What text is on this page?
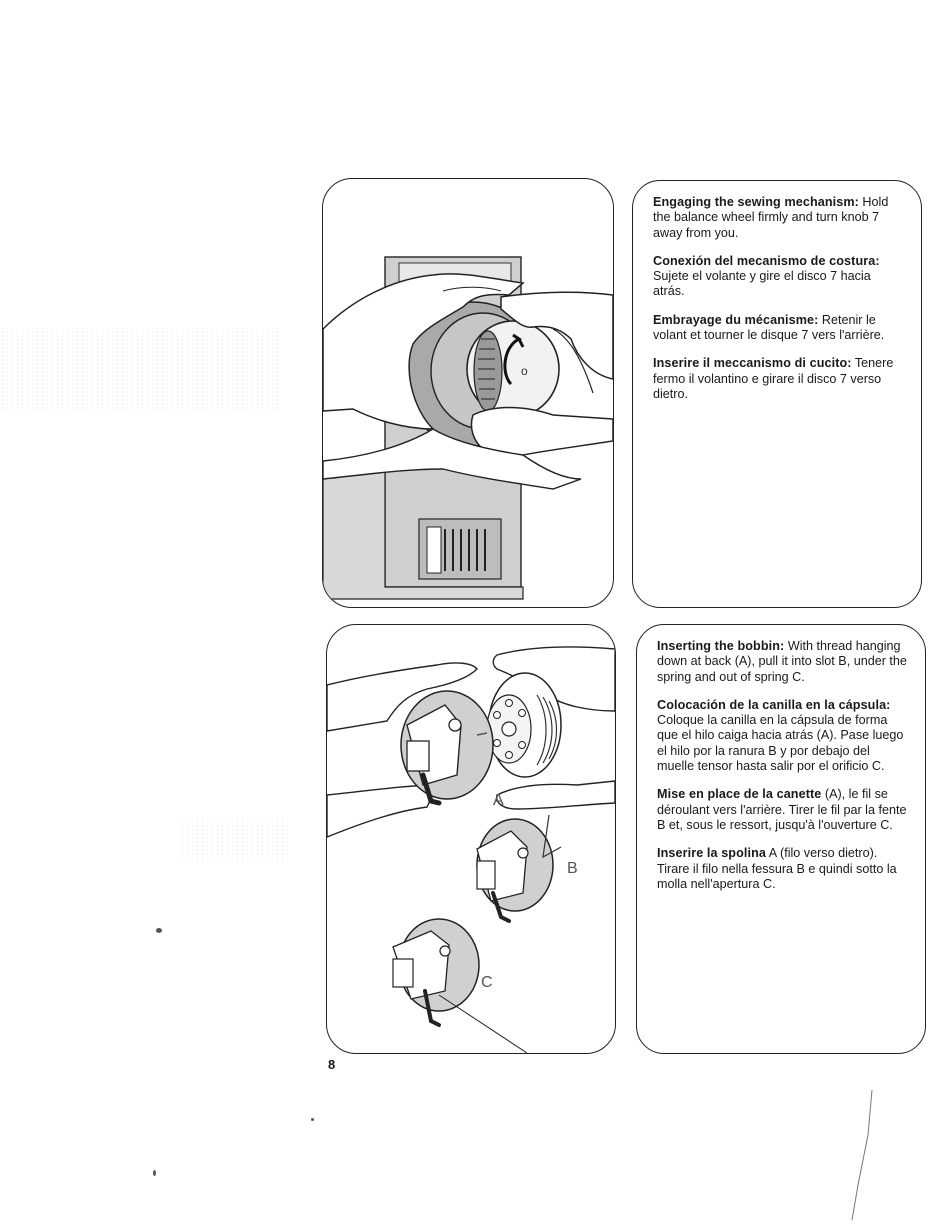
o

Engaging the sewing mechanism: Hold the balance wheel firmly and turn knob 7 away from you.

Conexión del mecanismo de costura: Sujete el volante y gire el disco 7 hacia atrás.

Embrayage du mécanisme: Retenir le volant et tourner le disque 7 vers l'arrière.

Inserire il meccanismo di cucito: Tenere fermo il volantino e girare il disco 7 verso dietro.

A
B
C

Inserting the bobbin: With thread hanging down at back (A), pull it into slot B, under the spring and out of spring C.

Colocación de la canilla en la cápsula: Coloque la canilla en la cápsula de forma que el hilo caiga hacia atrás (A). Pase luego el hilo por la ranura B y por debajo del muelle tensor hasta salir por el orificio C.

Mise en place de la canette (A), le fil se déroulant vers l'arrière. Tirer le fil par la fente B et, sous le ressort, jusqu'à l'ouverture C.

Inserire la spolina A (filo verso dietro). Tirare il filo nella fessura B e quindi sotto la molla nell'apertura C.

8
